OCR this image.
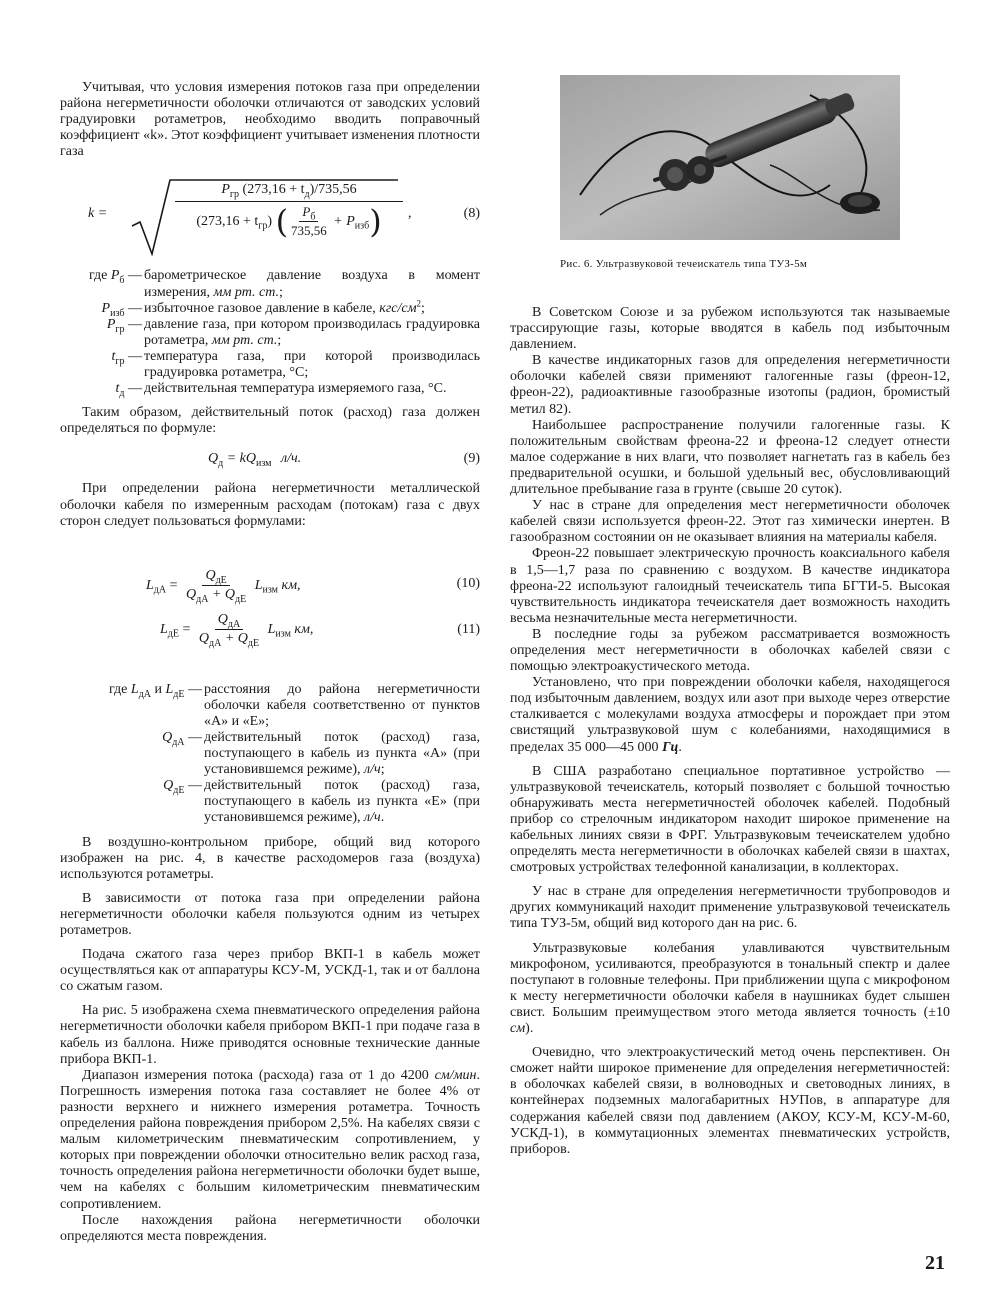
Рис. 6. Ультразвуковой течеискатель типа ТУЗ-5м

Учитывая, что условия измерения потоков газа при определении района негерметичности оболочки отличаются от заводских условий градуировки ротаметров, необходимо вводить поправочный коэффициент «k». Этот коэффициент учитывает изменения плотности газа

k =
$P_{гр}$ $(273,16 + t_д)/735,56$
$(273,16 + t_{гр})$ ( $\frac{P_б}{735,56} + P_{изб}$)	,	(8)
где $P_б$ — барометрическое давление воздуха в момент измерения, мм рт. ст.;
$P_{изб}$ — избыточное газовое давление в кабеле, кгс/$см^2$;
$P_{гр}$ — давление газа, при котором производилась градуировка ротаметра, мм рт. ст.;
$t_{гр}$ — температура газа, при которой производилась градуировка ротаметра, °С;
$t_д$ — действительная температура измеряемого газа, °С.

Таким образом, действительный поток (расход) газа должен определяться по формуле:

$Q_д = kQ_{изм}$ л/ч.	(9)

При определении района негерметичности металлической оболочки кабеля по измеренным расходам (потокам) газа с двух сторон следует пользоваться формулами:

$L_{дА} = \frac{Q_{дЕ}}{Q_{дА} + Q_{дЕ}} L_{изм}$ км,	(10)
$L_{дЕ} = \frac{Q_{дА}}{Q_{дА} + Q_{дЕ}} L_{изм}$ км,	(11)
где $L_{дА}$ и $L_{дЕ}$ — расстояния до района негерметичности оболочки кабеля соответственно от пунктов «А» и «Е»;
$Q_{дА}$ — действительный поток (расход) газа, поступающего в кабель из пункта «А» (при установившемся режиме), л/ч;
$Q_{дЕ}$ — действительный поток (расход) газа, поступающего в кабель из пункта «Е» (при установившемся режиме), л/ч.

В воздушно-контрольном приборе, общий вид которого изображен на рис. 4, в качестве расходомеров газа (воздуха) используются ротаметры.

В зависимости от потока газа при определении района негерметичности оболочки кабеля пользуются одним из четырех ротаметров.

Подача сжатого газа через прибор ВКП-1 в кабель может осуществляться как от аппаратуры КСУ-М, УСКД-1, так и от баллона со сжатым газом.

На рис. 5 изображена схема пневматического определения района негерметичности оболочки кабеля прибором ВКП-1 при подаче газа в кабель из баллона. Ниже приводятся основные технические данные прибора ВКП-1.

Диапазон измерения потока (расхода) газа от 1 до 4200 см/мин. Погрешность измерения потока газа составляет не более 4% от разности верхнего и нижнего измерения ротаметра. Точность определения района повреждения прибором 2,5%. На кабелях связи с малым километрическим пневматическим сопротивлением, у которых при повреждении оболочки относительно велик расход газа, точность определения района негерметичности оболочки будет выше, чем на кабелях с большим километрическим пневматическим сопротивлением.

После нахождения района негерметичности оболочки определяются места повреждения.

В Советском Союзе и за рубежом используются так называемые трассирующие газы, которые вводятся в кабель под избыточным давлением.

В качестве индикаторных газов для определения негерметичности оболочки кабелей связи применяют галогенные газы (фреон-12, фреон-22), радиоактивные газообразные изотопы (радион, бромистый метил 82).

Наибольшее распространение получили галогенные газы. К положительным свойствам фреона-22 и фреона-12 следует отнести малое содержание в них влаги, что позволяет нагнетать газ в кабель без предварительной осушки, и большой удельный вес, обусловливающий длительное пребывание газа в грунте (свыше 20 суток).

У нас в стране для определения мест негерметичности оболочек кабелей связи используется фреон-22. Этот газ химически инертен. В газообразном состоянии он не оказывает влияния на материалы кабеля.

Фреон-22 повышает электрическую прочность коаксиального кабеля в 1,5—1,7 раза по сравнению с воздухом. В качестве индикатора фреона-22 используют галоидный течеискатель типа БГТИ-5. Высокая чувствительность индикатора течеискателя дает возможность находить весьма незначительные места негерметичности.

В последние годы за рубежом рассматривается возможность определения мест негерметичности в оболочках кабелей связи с помощью электроакустического метода.

Установлено, что при повреждении оболочки кабеля, находящегося под избыточным давлением, воздух или азот при выходе через отверстие сталкивается с молекулами воздуха атмосферы и порождает при этом свистящий ультразвуковой шум с колебаниями, находящимися в пределах 35 000—45 000 Гц.

В США разработано специальное портативное устройство — ультразвуковой течеискатель, который позволяет с большой точностью обнаруживать места негерметичностей оболочек кабелей. Подобный прибор со стрелочным индикатором находит широкое применение на кабельных линиях связи в ФРГ. Ультразвуковым течеискателем удобно определять места негерметичности в оболочках кабелей связи в шахтах, смотровых устройствах телефонной канализации, в коллекторах.

У нас в стране для определения негерметичности трубопроводов и других коммуникаций находит применение ультразвуковой течеискатель типа ТУЗ-5м, общий вид которого дан на рис. 6.

Ультразвуковые колебания улавливаются чувствительным микрофоном, усиливаются, преобразуются в тональный спектр и далее поступают в головные телефоны. При приближении щупа с микрофоном к месту негерметичности оболочки кабеля в наушниках будет слышен свист. Большим преимуществом этого метода является точность (±10 см).

Очевидно, что электроакустический метод очень перспективен. Он сможет найти широкое применение для определения негерметичностей: в оболочках кабелей связи, в волноводных и световодных линиях, в контейнерах подземных малогабаритных НУПов, в аппаратуре для содержания кабелей связи под давлением (АКОУ, КСУ-М, КСУ-М-60, УСКД-1), в коммутационных элементах пневматических устройств, приборов.

21
